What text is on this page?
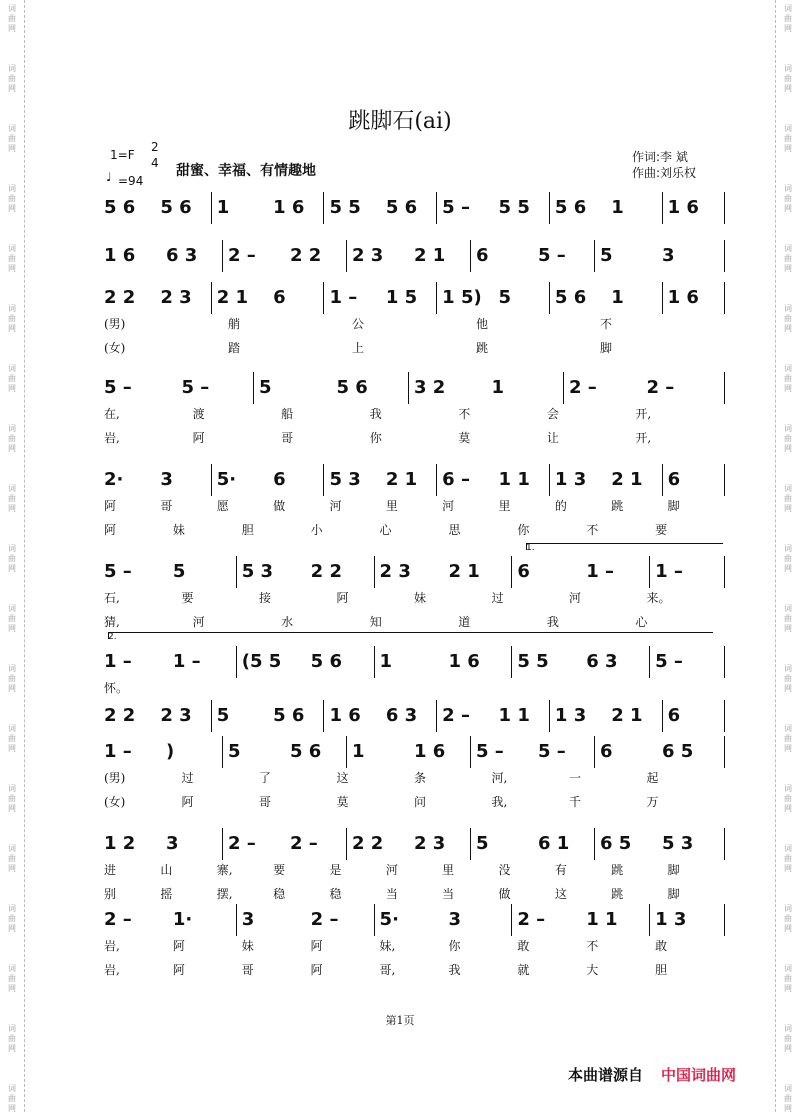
词
曲
网
词
曲
网
词
曲
网
词
曲
网
词
曲
网
词
曲
网
词
曲
网
词
曲
网
词
曲
网
词
曲
网
词
曲
网
词
曲
网
词
曲
网
词
曲
网
词
曲
网
词
曲
网
词
曲
网
词
曲
网
词
曲
网
词
曲
网
词
曲
网
词
曲
网
词
曲
网
词
曲
网
词
曲
网
词
曲
网
词
曲
网
词
曲
网
词
曲
网
词
曲
网
词
曲
网
词
曲
网
词
曲
网
词
曲
网
词
曲
网
词
曲
网
词
曲
网
词
曲
网
跳脚石(ai)
1=F
2
4
♩ =94
甜蜜、幸福、有情趣地
作词:李 斌
作曲:刘乐权
5 6 5 6 1 1 6 5 5 5 6 5 – 5 5 5 6 1 1 6
1 6 6 3 2 – 2 2 2 3 2 1 6	5 – 5	3
2 2 2 3 2 1 6 1 – 1 5 1 5) 5 5 6 1 1 6
(男)	艄	公	他	不
(女)	踏	上	跳	脚
5 –	5 –	5	5 6	3 2	1	2 –	2 –
在,	渡	船	我	不	会	开,
岩,	阿	哥	你	莫	让	开,
2· 3 5· 6 5 3 2 1 6 – 1 1 1 3 2 1 6
阿	哥	愿	做	河	里	河	里	的	跳	脚
阿	妹	胆	小	心	思	你	不	要
5 – 5	5 3 2 2 2 3 2 1 6	1 – 1 –
石,	要	接	阿	妹	过	河	来。
猜,	河	水	知	道	我	心
1 – 1 – (5 5 5 6 1	1 6 5 5 6 3 5 –
怀。
2 2 2 3 5 5 6 1 6 6 3 2 – 1 1 1 3 2 1 6
1 – )	5	5 6 1	1 6 5 – 5 – 6	6 5
(男)	过	了	这	条	河,	一	起
(女)	阿	哥	莫	问	我,	千	万
1 2 3	2 – 2 – 2 2 2 3 5	6 1 6 5 5 3
进	山	寨,	要	是	河	里	没	有	跳	脚
别	摇	摆,	稳	稳	当	当	做	这	跳	脚
2 – 1·	3	2 – 5·	3	2 – 1 1 1 3
岩,	阿	妹	阿	妹,	你	敢	不	敢
岩,	阿	哥	阿	哥,	我	就	大	胆
1.
2.
第1页
本曲谱源自 中国词曲网
